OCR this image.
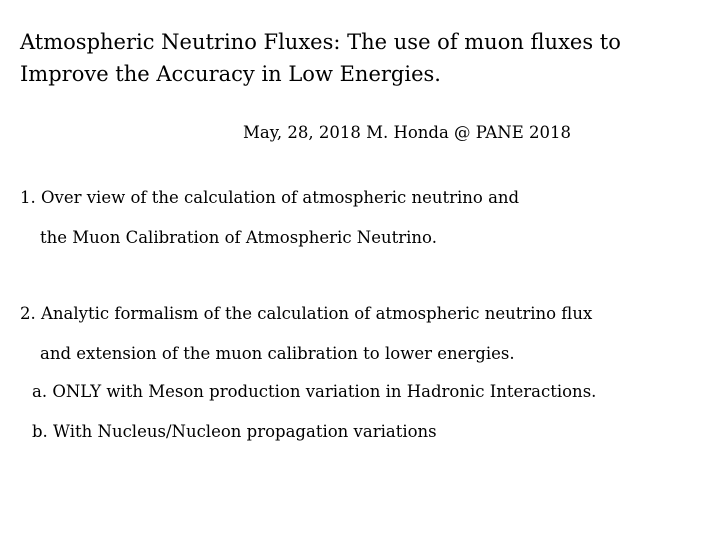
Atmospheric Neutrino Fluxes: The use of muon fluxes to
Improve the Accuracy in Low Energies.
May, 28, 2018 M. Honda @ PANE 2018
1. Over view of the calculation of atmospheric neutrino and
the Muon Calibration of Atmospheric Neutrino.
2. Analytic formalism of the calculation of atmospheric neutrino flux
and extension of the muon calibration to lower energies.
a. ONLY with Meson production variation in Hadronic Interactions.
b. With Nucleus/Nucleon propagation variations
